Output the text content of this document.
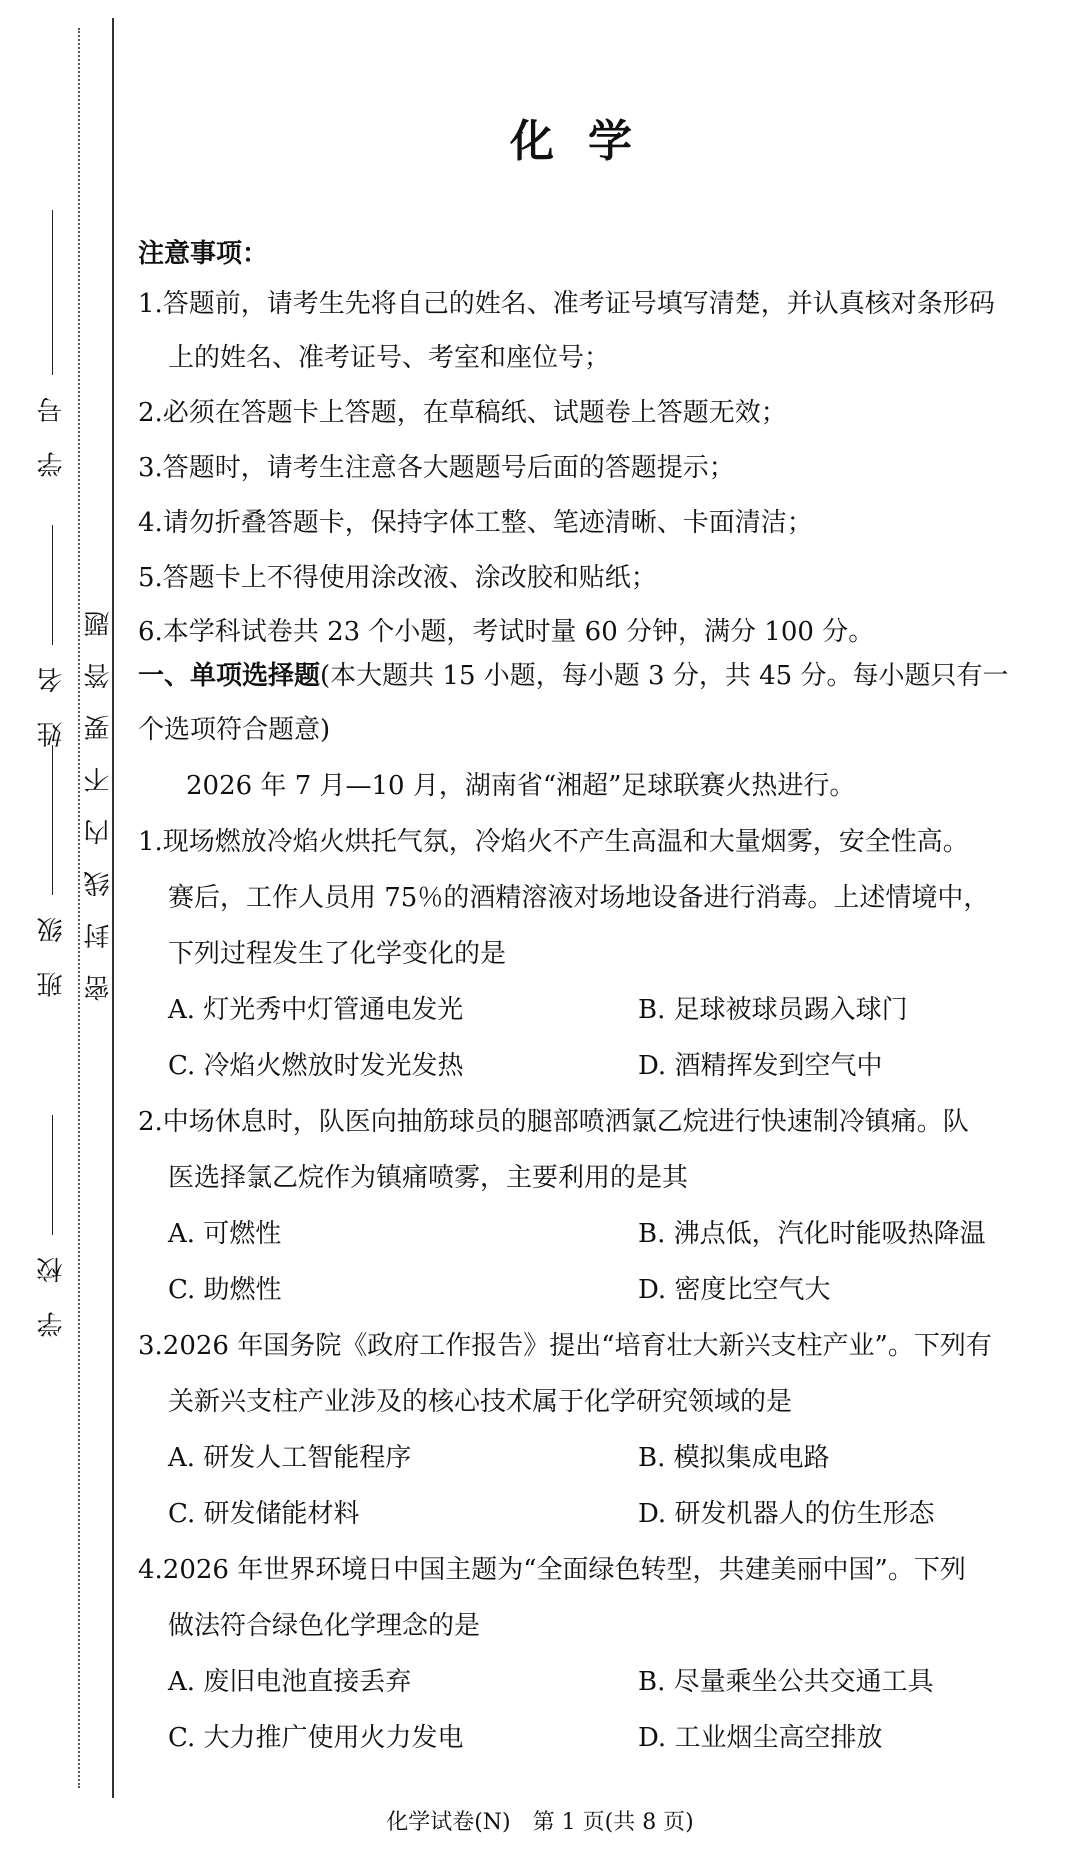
密封线内不要答题
学 号
姓 名
班 级
学 校
化学
注意事项：
1.答题前，请考生先将自己的姓名、准考证号填写清楚，并认真核对条形码
上的姓名、准考证号、考室和座位号；
2.必须在答题卡上答题，在草稿纸、试题卷上答题无效；
3.答题时，请考生注意各大题题号后面的答题提示；
4.请勿折叠答题卡，保持字体工整、笔迹清晰、卡面清洁；
5.答题卡上不得使用涂改液、涂改胶和贴纸；
6.本学科试卷共 23 个小题，考试时量 60 分钟，满分 100 分。
一、单项选择题(本大题共 15 小题，每小题 3 分，共 45 分。每小题只有一
个选项符合题意)
2026 年 7 月—10 月，湖南省“湘超”足球联赛火热进行。
1.现场燃放冷焰火烘托气氛，冷焰火不产生高温和大量烟雾，安全性高。
赛后，工作人员用 75％的酒精溶液对场地设备进行消毒。上述情境中，
下列过程发生了化学变化的是
A. 灯光秀中灯管通电发光	B. 足球被球员踢入球门
C. 冷焰火燃放时发光发热	D. 酒精挥发到空气中
2.中场休息时，队医向抽筋球员的腿部喷洒氯乙烷进行快速制冷镇痛。队
医选择氯乙烷作为镇痛喷雾，主要利用的是其
A. 可燃性	B. 沸点低，汽化时能吸热降温
C. 助燃性	D. 密度比空气大
3.2026 年国务院《政府工作报告》提出“培育壮大新兴支柱产业”。下列有
关新兴支柱产业涉及的核心技术属于化学研究领域的是
A. 研发人工智能程序	B. 模拟集成电路
C. 研发储能材料	D. 研发机器人的仿生形态
4.2026 年世界环境日中国主题为“全面绿色转型，共建美丽中国”。下列
做法符合绿色化学理念的是
A. 废旧电池直接丢弃	B. 尽量乘坐公共交通工具
C. 大力推广使用火力发电	D. 工业烟尘高空排放
化学试卷(N)　第 1 页(共 8 页)
